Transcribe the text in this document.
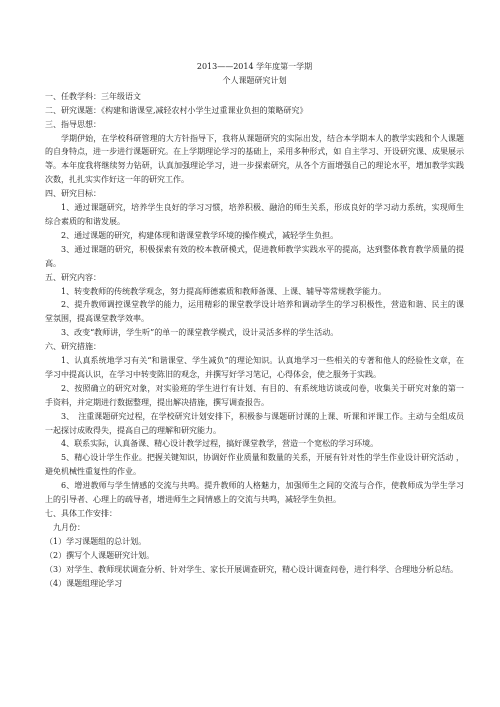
2013——2014 学年度第一学期
个人课题研究计划
一、任教学科：三年级语文
二、研究课题：《构建和谐课堂,减轻农村小学生过重课业负担的策略研究》
三、指导思想：
学期伊始，在学校科研管理的大方针指导下，我将从课题研究的实际出发，结合本学期本人的教学实践和个人课题的自身特点，进一步进行课题研究。在上学期理论学习的基础上，采用多种形式，如 自主学习、开设研究课、成果展示等。本年度我将继续努力钻研，认真加强理论学习，进一步探索研究，从各个方面增强自己的理论水平，增加教学实践次数，扎扎实实作好这一年的研究工作。
四、研究目标：
1、通过课题研究，培养学生良好的学习习惯，培养积极、融洽的师生关系，形成良好的学习动力系统，实现师生综合素质的和谐发展。
2、通过课题的研究，构建体现和谐课堂教学环境的操作模式，减轻学生负担。
3、通过课题的研究，积极探索有效的校本教研模式，促进教师教学实践水平的提高，达到整体教育教学质量的提高。
五、研究内容：
1、转变教师的传统教学观念，努力提高师德素质和教师备课、上课、辅导等常规教学能力。
2、提升教师调控课堂教学的能力，运用精彩的课堂教学设计培养和调动学生的学习积极性，营造和谐、民主的课堂氛围，提高课堂教学效率。
3、改变“教师讲，学生听”的单一的课堂教学模式，设计灵活多样的学生活动。
六、研究措施：
1、认真系统地学习有关“和谐课堂、学生减负”的理论知识。认真地学习一些相关的专著和他人的经验性文章，在学习中提高认识，在学习中转变陈旧的观念，并撰写好学习笔记，心得体会，使之服务于实践。
2、按照确立的研究对象，对实验班的学生进行有计划、有目的、有系统地访谈或问卷，收集关于研究对象的第一手资料，并定期进行数据整理，提出解决措施，撰写调查报告。
3、　注重课题研究过程，在学校研究计划安排下，积极参与课题研讨课的上课、听课和评课工作。主动与全组成员一起探讨成败得失，提高自己的理解和研究能力。
4、联系实际，认真备课、精心设计教学过程，搞好课堂教学，营造一个宽松的学习环境。
5、精心设计学生作业。把握关键知识，协调好作业质量和数量的关系，开展有针对性的学生作业设计研究活动 ，避免机械性重复性的作业。
6、增进教师与学生情感的交流与共鸣。提升教师的人格魅力，加强师生之间的交流与合作，使教师成为学生学习上的引导者、心理上的疏导者，增进师生之间情感上的交流与共鸣，减轻学生负担。
七、具体工作安排：
九月份：
（1）学习课题组的总计划。
（2）撰写个人课题研究计划。
（3）对学生、教师现状调查分析、针对学生、家长开展调查研究，精心设计调查问卷，进行科学、合理地分析总结。
（4）课题组理论学习
